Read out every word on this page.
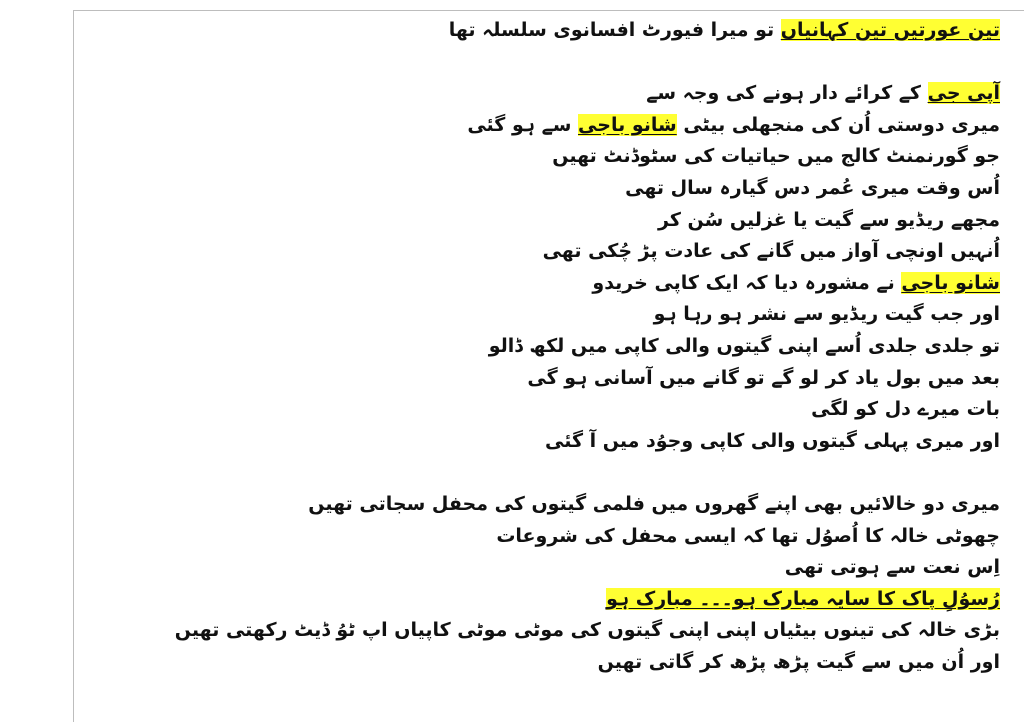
تین عورتیں تین کہانیاں تو میرا فیورٹ افسانوی سلسلہ تھا
آپی جی کے کرائے دار ہونے کی وجہ سے
میری دوستی اُن کی منجھلی بیٹی شانو باجی سے ہو گئی
جو گورنمنٹ کالج میں حیاتیات کی سٹوڈنٹ تھیں
اُس وقت میری عُمر دس گیارہ سال تھی
مجھے ریڈیو سے گیت یا غزلیں سُن کر
اُنہیں اونچی آواز میں گانے کی عادت پڑ چُکی تھی
شانو باجی نے مشورہ دیا کہ ایک کاپی خریدو
اور جب گیت ریڈیو سے نشر ہو رہا ہو
تو جلدی جلدی اُسے اپنی گیتوں والی کاپی میں لکھ ڈالو
بعد میں بول یاد کر لو گے تو گانے میں آسانی ہو گی
بات میرے دل کو لگی
اور میری پہلی گیتوں والی کاپی وجوُد میں آ گئی
میری دو خالائیں بھی اپنے گھروں میں فلمی گیتوں کی محفل سجاتی تھیں
چھوٹی خالہ کا اُصوُل تھا کہ ایسی محفل کی شروعات
اِس نعت سے ہوتی تھی
رُسوُلِ پاک کا سایہ مبارک ہو۔۔۔ مبارک ہو
بڑی خالہ کی تینوں بیٹیاں اپنی اپنی گیتوں کی موٹی موٹی کاپیاں اپ ٹوُ ڈیٹ رکھتی تھیں
اور اُن میں سے گیت پڑھ پڑھ کر گاتی تھیں
